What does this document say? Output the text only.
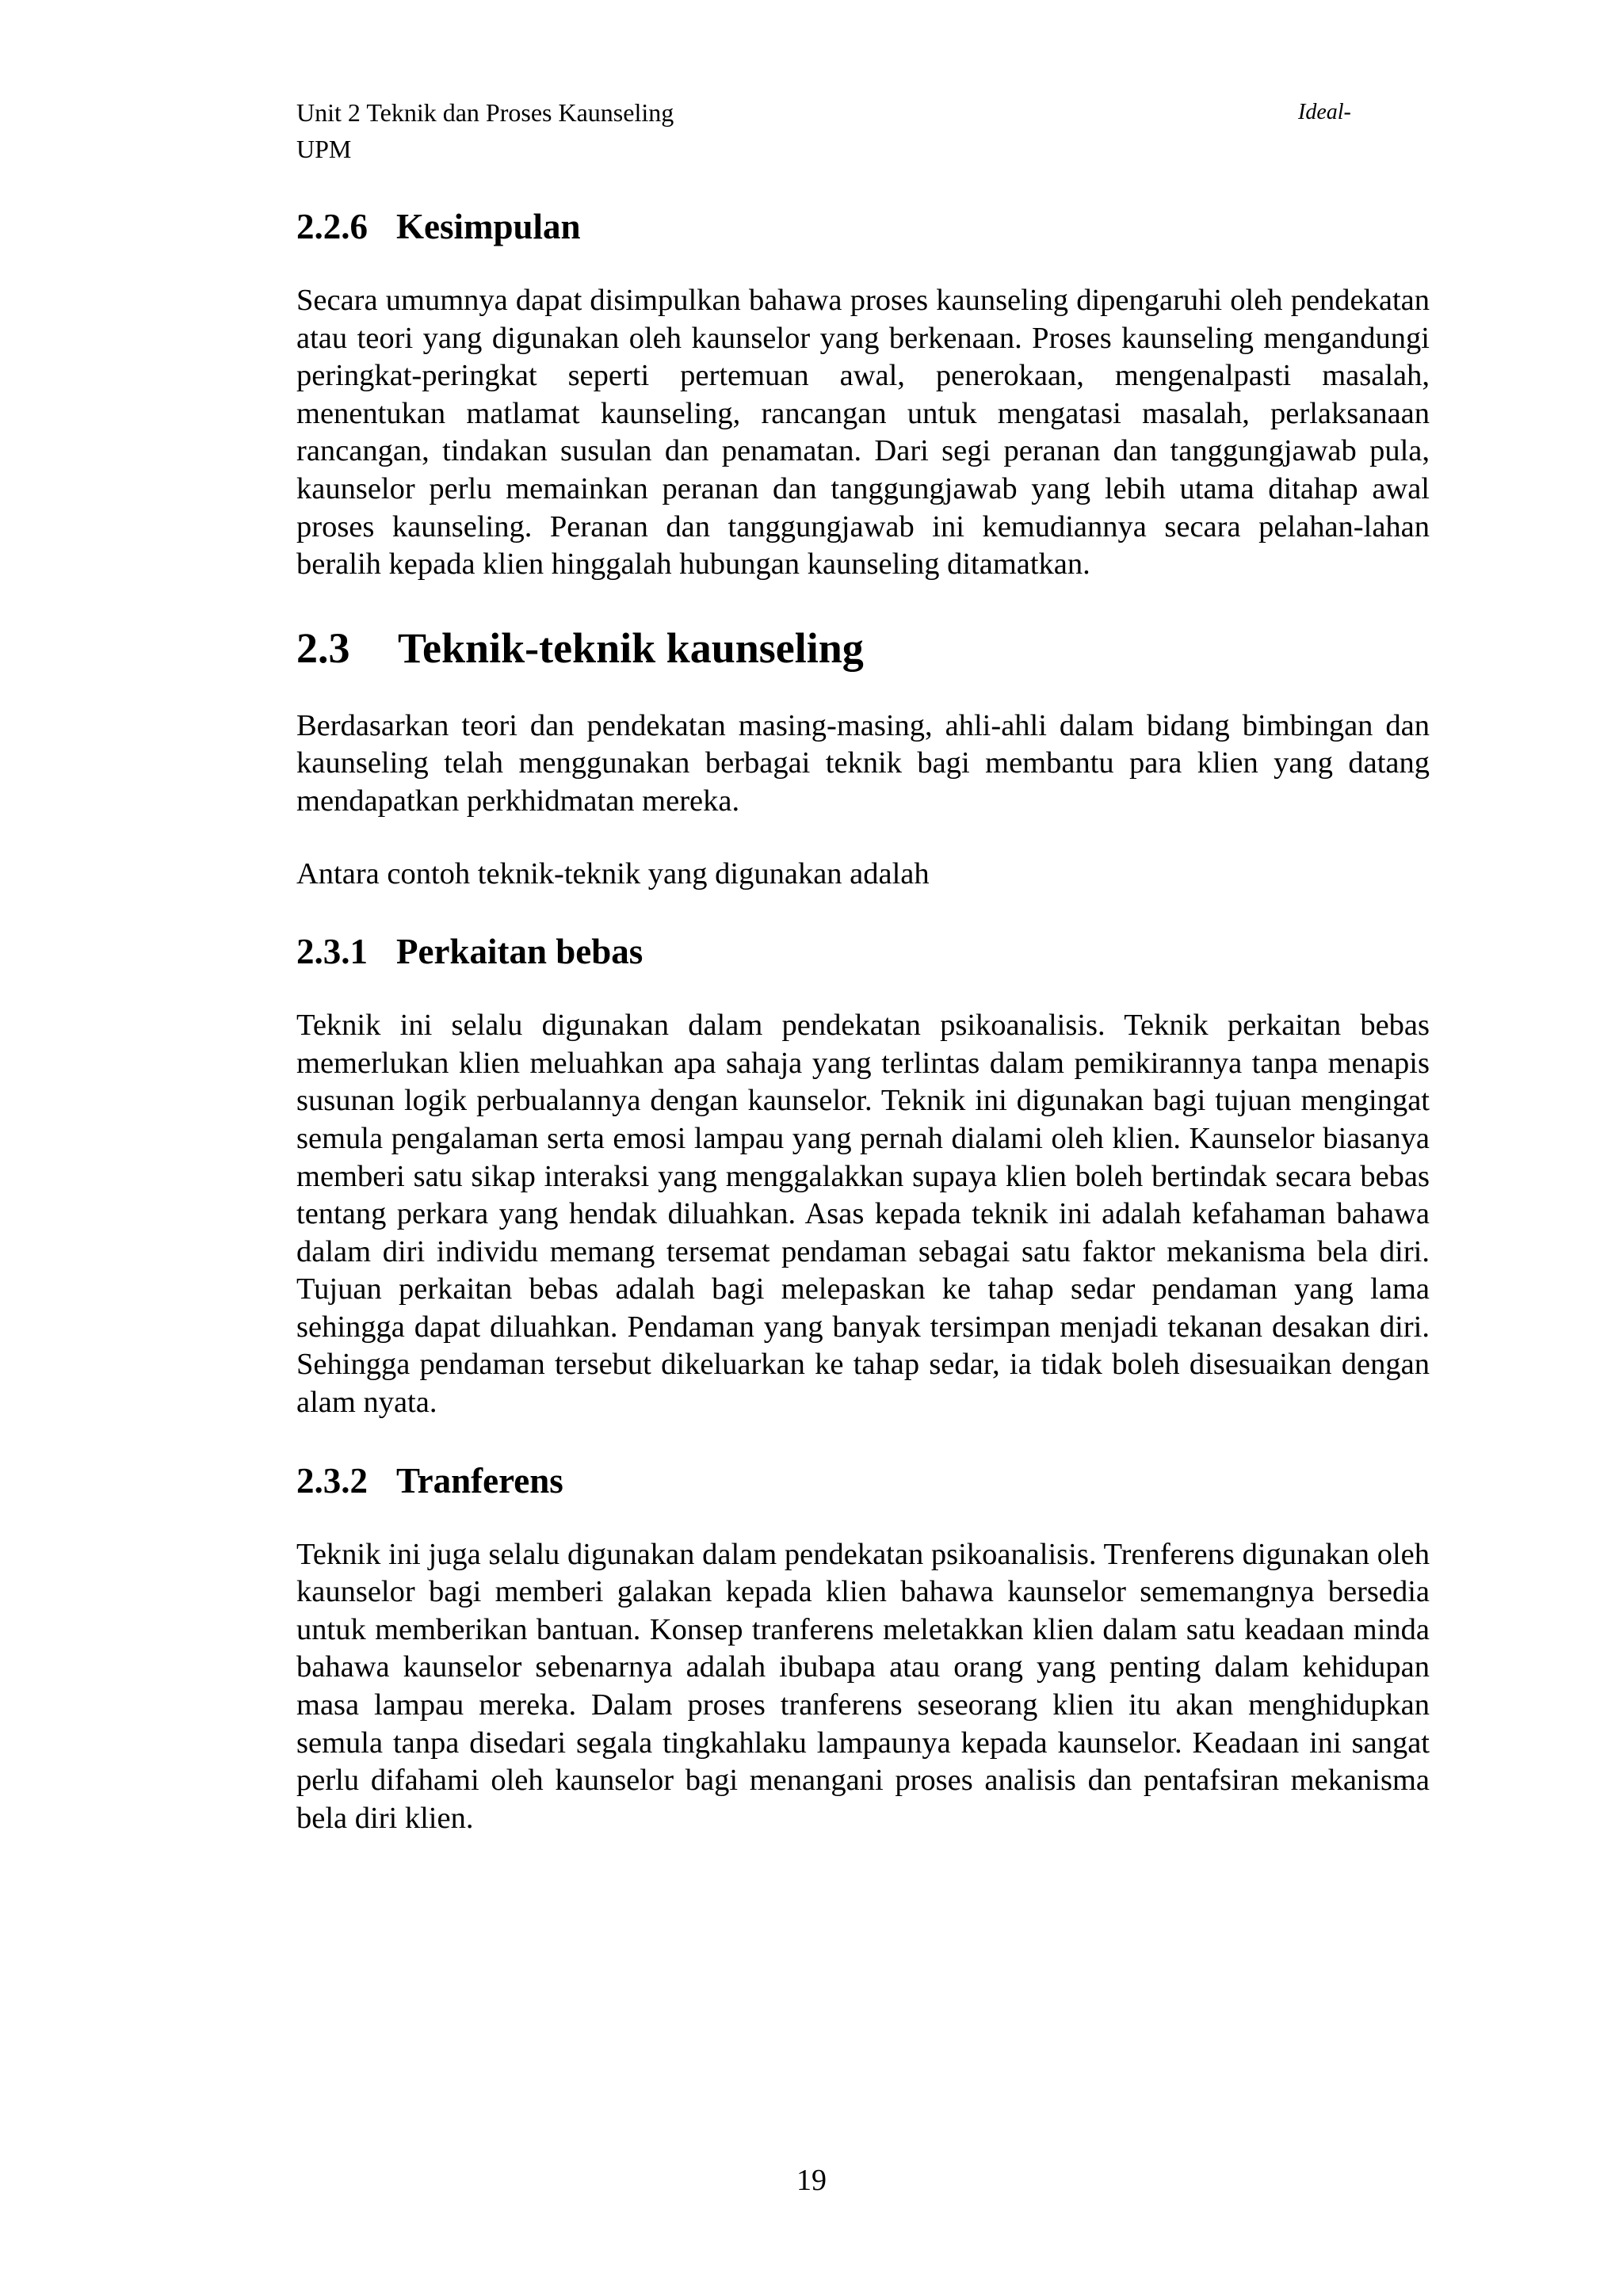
Unit 2 Teknik dan Proses Kaunseling	Ideal-
UPM
2.2.6 Kesimpulan

Secara umumnya dapat disimpulkan bahawa proses kaunseling dipengaruhi oleh pendekatan atau teori yang digunakan oleh kaunselor yang berkenaan. Proses kaunseling mengandungi peringkat-peringkat seperti pertemuan awal, penerokaan, mengenalpasti masalah, menentukan matlamat kaunseling, rancangan untuk mengatasi masalah, perlaksanaan rancangan, tindakan susulan dan penamatan. Dari segi peranan dan tanggungjawab pula, kaunselor perlu memainkan peranan dan tanggungjawab yang lebih utama ditahap awal proses kaunseling. Peranan dan tanggungjawab ini kemudiannya secara pelahan-lahan beralih kepada klien hinggalah hubungan kaunseling ditamatkan.

2.3 Teknik-teknik kaunseling

Berdasarkan teori dan pendekatan masing-masing, ahli-ahli dalam bidang bimbingan dan kaunseling telah menggunakan berbagai teknik bagi membantu para klien yang datang mendapatkan perkhidmatan mereka.

Antara contoh teknik-teknik yang digunakan adalah

2.3.1 Perkaitan bebas

Teknik ini selalu digunakan dalam pendekatan psikoanalisis. Teknik perkaitan bebas memerlukan klien meluahkan apa sahaja yang terlintas dalam pemikirannya tanpa menapis susunan logik perbualannya dengan kaunselor. Teknik ini digunakan bagi tujuan mengingat semula pengalaman serta emosi lampau yang pernah dialami oleh klien. Kaunselor biasanya memberi satu sikap interaksi yang menggalakkan supaya klien boleh bertindak secara bebas tentang perkara yang hendak diluahkan. Asas kepada teknik ini adalah kefahaman bahawa dalam diri individu memang tersemat pendaman sebagai satu faktor mekanisma bela diri. Tujuan perkaitan bebas adalah bagi melepaskan ke tahap sedar pendaman yang lama sehingga dapat diluahkan. Pendaman yang banyak tersimpan menjadi tekanan desakan diri. Sehingga pendaman tersebut dikeluarkan ke tahap sedar, ia tidak boleh disesuaikan dengan alam nyata.

2.3.2 Tranferens

Teknik ini juga selalu digunakan dalam pendekatan psikoanalisis. Trenferens digunakan oleh kaunselor bagi memberi galakan kepada klien bahawa kaunselor sememangnya bersedia untuk memberikan bantuan. Konsep tranferens meletakkan klien dalam satu keadaan minda bahawa kaunselor sebenarnya adalah ibubapa atau orang yang penting dalam kehidupan masa lampau mereka. Dalam proses tranferens seseorang klien itu akan menghidupkan semula tanpa disedari segala tingkahlaku lampaunya kepada kaunselor. Keadaan ini sangat perlu difahami oleh kaunselor bagi menangani proses analisis dan pentafsiran mekanisma bela diri klien.

19
